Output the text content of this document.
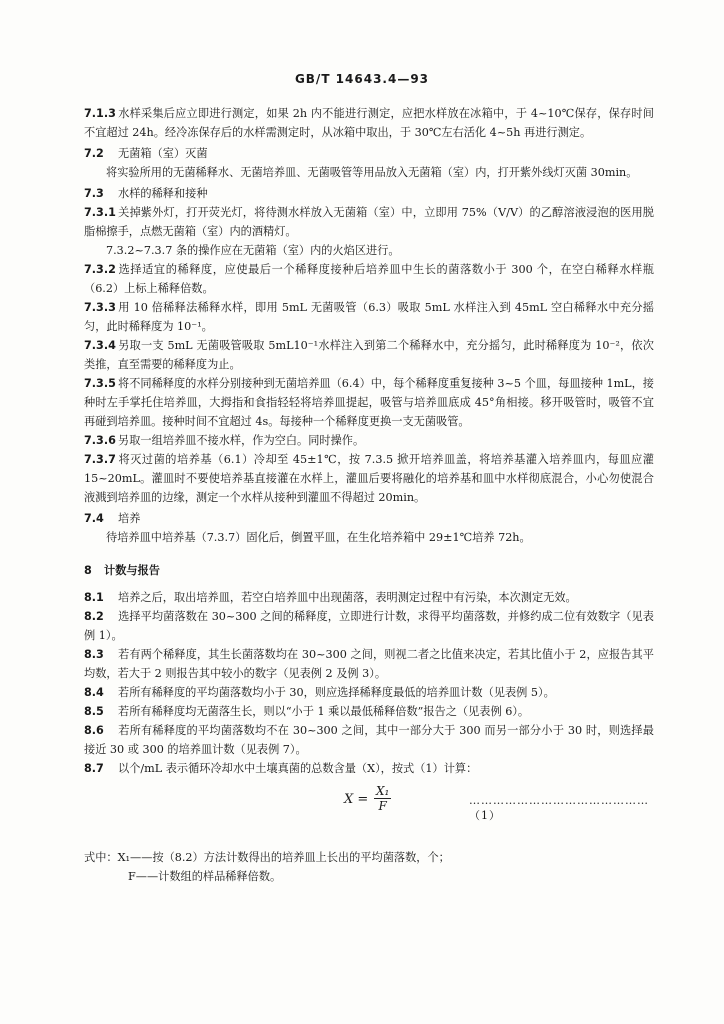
GB/T 14643.4—93

7.1.3 水样采集后应立即进行测定，如果 2h 内不能进行测定，应把水样放在冰箱中，于 4~10℃保存，保存时间不宜超过 24h。经冷冻保存后的水样需测定时，从冰箱中取出，于 30℃左右活化 4~5h 再进行测定。

7.2 无菌箱（室）灭菌

将实验所用的无菌稀释水、无菌培养皿、无菌吸管等用品放入无菌箱（室）内，打开紫外线灯灭菌 30min。

7.3 水样的稀释和接种

7.3.1 关掉紫外灯，打开荧光灯，将待测水样放入无菌箱（室）中，立即用 75%（V/V）的乙醇溶液浸泡的医用脱脂棉擦手，点燃无菌箱（室）内的酒精灯。

7.3.2~7.3.7 条的操作应在无菌箱（室）内的火焰区进行。

7.3.2 选择适宜的稀释度，应使最后一个稀释度接种后培养皿中生长的菌落数小于 300 个，在空白稀释水样瓶（6.2）上标上稀释倍数。

7.3.3 用 10 倍稀释法稀释水样，即用 5mL 无菌吸管（6.3）吸取 5mL 水样注入到 45mL 空白稀释水中充分摇匀，此时稀释度为 10⁻¹。

7.3.4 另取一支 5mL 无菌吸管吸取 5mL10⁻¹水样注入到第二个稀释水中，充分摇匀，此时稀释度为 10⁻²，依次类推，直至需要的稀释度为止。

7.3.5 将不同稀释度的水样分别接种到无菌培养皿（6.4）中，每个稀释度重复接种 3~5 个皿，每皿接种 1mL，接种时左手掌托住培养皿，大拇指和食指轻轻将培养皿提起，吸管与培养皿底成 45°角相接。移开吸管时，吸管不宜再碰到培养皿。接种时间不宜超过 4s。每接种一个稀释度更换一支无菌吸管。

7.3.6 另取一组培养皿不接水样，作为空白。同时操作。

7.3.7 将灭过菌的培养基（6.1）冷却至 45±1℃，按 7.3.5 掀开培养皿盖，将培养基灌入培养皿内，每皿应灌 15~20mL。灌皿时不要使培养基直接灌在水样上，灌皿后要将融化的培养基和皿中水样彻底混合，小心勿使混合液溅到培养皿的边缘，测定一个水样从接种到灌皿不得超过 20min。

7.4 培养

待培养皿中培养基（7.3.7）固化后，倒置平皿，在生化培养箱中 29±1℃培养 72h。

8 计数与报告

8.1 培养之后，取出培养皿，若空白培养皿中出现菌落，表明测定过程中有污染，本次测定无效。

8.2 选择平均菌落数在 30~300 之间的稀释度，立即进行计数，求得平均菌落数，并修约成二位有效数字（见表例 1）。

8.3 若有两个稀释度，其生长菌落数均在 30~300 之间，则视二者之比值来决定，若其比值小于 2，应报告其平均数，若大于 2 则报告其中较小的数字（见表例 2 及例 3）。

8.4 若所有稀释度的平均菌落数均小于 30，则应选择稀释度最低的培养皿计数（见表例 5）。

8.5 若所有稀释度均无菌落生长，则以“小于 1 乘以最低稀释倍数”报告之（见表例 6）。

8.6 若所有稀释度的平均菌落数均不在 30~300 之间，其中一部分大于 300 而另一部分小于 30 时，则选择最接近 30 或 300 的培养皿计数（见表例 7）。

8.7 以个/mL 表示循环冷却水中土壤真菌的总数含量（X），按式（1）计算：

$X = \frac{\text{X₁}}{F}$	………………………………………（1）

式中：X₁——按（8.2）方法计数得出的培养皿上长出的平均菌落数，个；

F——计数组的样品稀释倍数。
